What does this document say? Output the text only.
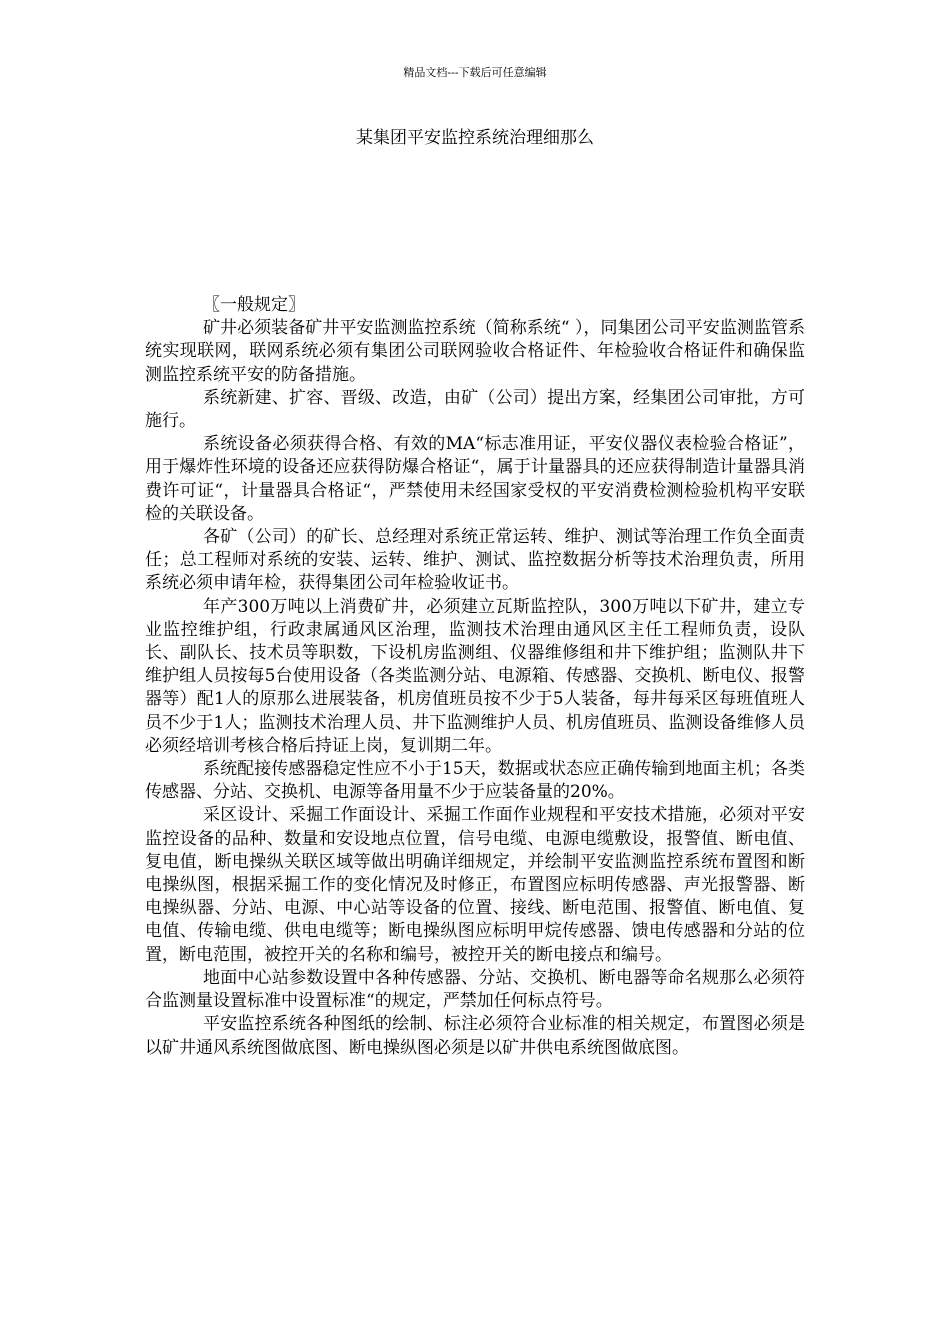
精品文档---下载后可任意编辑
某集团平安监控系统治理细那么

〖一般规定〗

矿井必须装备矿井平安监测监控系统（简称系统“ ），同集团公司平安监测监管系统实现联网，联网系统必须有集团公司联网验收合格证件、年检验收合格证件和确保监测监控系统平安的防备措施。

系统新建、扩容、晋级、改造，由矿（公司）提出方案，经集团公司审批，方可施行。

系统设备必须获得合格、有效的MA“标志准用证，平安仪器仪表检验合格证”，用于爆炸性环境的设备还应获得防爆合格证“，属于计量器具的还应获得制造计量器具消费许可证“，计量器具合格证“，严禁使用未经国家受权的平安消费检测检验机构平安联检的关联设备。

各矿（公司）的矿长、总经理对系统正常运转、维护、测试等治理工作负全面责任；总工程师对系统的安装、运转、维护、测试、监控数据分析等技术治理负责，所用系统必须申请年检，获得集团公司年检验收证书。

年产300万吨以上消费矿井，必须建立瓦斯监控队，300万吨以下矿井，建立专业监控维护组，行政隶属通风区治理，监测技术治理由通风区主任工程师负责，设队长、副队长、技术员等职数，下设机房监测组、仪器维修组和井下维护组；监测队井下维护组人员按每5台使用设备（各类监测分站、电源箱、传感器、交换机、断电仪、报警器等）配1人的原那么进展装备，机房值班员按不少于5人装备，每井每采区每班值班人员不少于1人；监测技术治理人员、井下监测维护人员、机房值班员、监测设备维修人员必须经培训考核合格后持证上岗，复训期二年。

系统配接传感器稳定性应不小于15天，数据或状态应正确传输到地面主机；各类传感器、分站、交换机、电源等备用量不少于应装备量的20%。

采区设计、采掘工作面设计、采掘工作面作业规程和平安技术措施，必须对平安监控设备的品种、数量和安设地点位置，信号电缆、电源电缆敷设，报警值、断电值、复电值，断电操纵关联区域等做出明确详细规定，并绘制平安监测监控系统布置图和断电操纵图，根据采掘工作的变化情况及时修正，布置图应标明传感器、声光报警器、断电操纵器、分站、电源、中心站等设备的位置、接线、断电范围、报警值、断电值、复电值、传输电缆、供电电缆等；断电操纵图应标明甲烷传感器、馈电传感器和分站的位置，断电范围，被控开关的名称和编号，被控开关的断电接点和编号。

地面中心站参数设置中各种传感器、分站、交换机、断电器等命名规那么必须符合监测量设置标准中设置标准“的规定，严禁加任何标点符号。

平安监控系统各种图纸的绘制、标注必须符合业标准的相关规定，布置图必须是以矿井通风系统图做底图、断电操纵图必须是以矿井供电系统图做底图。
